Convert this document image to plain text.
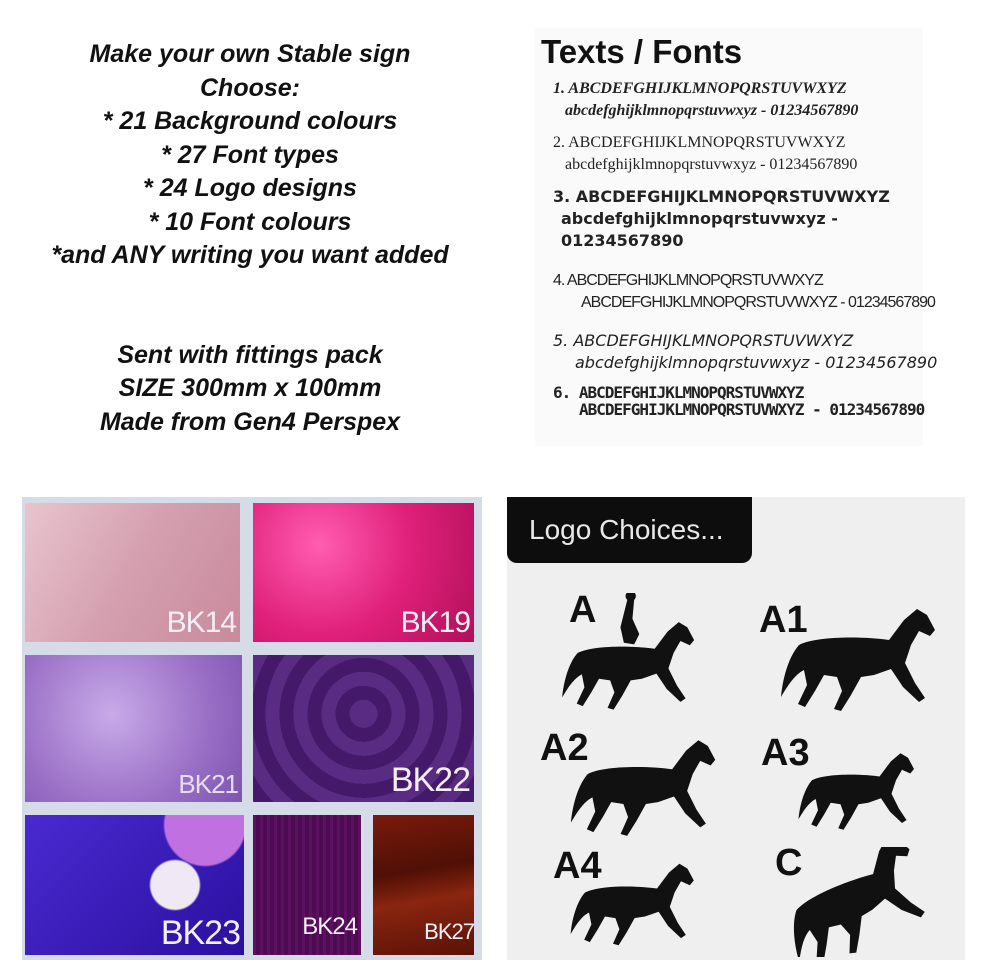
Make your own Stable sign
Choose:
* 21 Background colours
* 27 Font types
* 24 Logo designs
* 10 Font colours
*and ANY writing you want added
Sent with fittings pack
SIZE 300mm x 100mm
Made from Gen4 Perspex
Texts / Fonts
1. ABCDEFGHIJKLMNOPQRSTUVWXYZ
abcdefghijklmnopqrstuvwxyz - 01234567890
2. ABCDEFGHIJKLMNOPQRSTUVWXYZ
abcdefghijklmnopqrstuvwxyz - 01234567890
3. ABCDEFGHIJKLMNOPQRSTUVWXYZ
abcdefghijklmnopqrstuvwxyz -
01234567890
4. ABCDEFGHIJKLMNOPQRSTUVWXYZ
ABCDEFGHIJKLMNOPQRSTUVWXYZ - 01234567890
5. ABCDEFGHIJKLMNOPQRSTUVWXYZ
abcdefghijklmnopqrstuvwxyz - 01234567890
6. ABCDEFGHIJKLMNOPQRSTUVWXYZ
ABCDEFGHIJKLMNOPQRSTUVWXYZ - 01234567890
BK14	BK19
BK21	BK22
BK23	BK24	BK27
Logo Choices...
A	A1
A2	A3
A4	C
